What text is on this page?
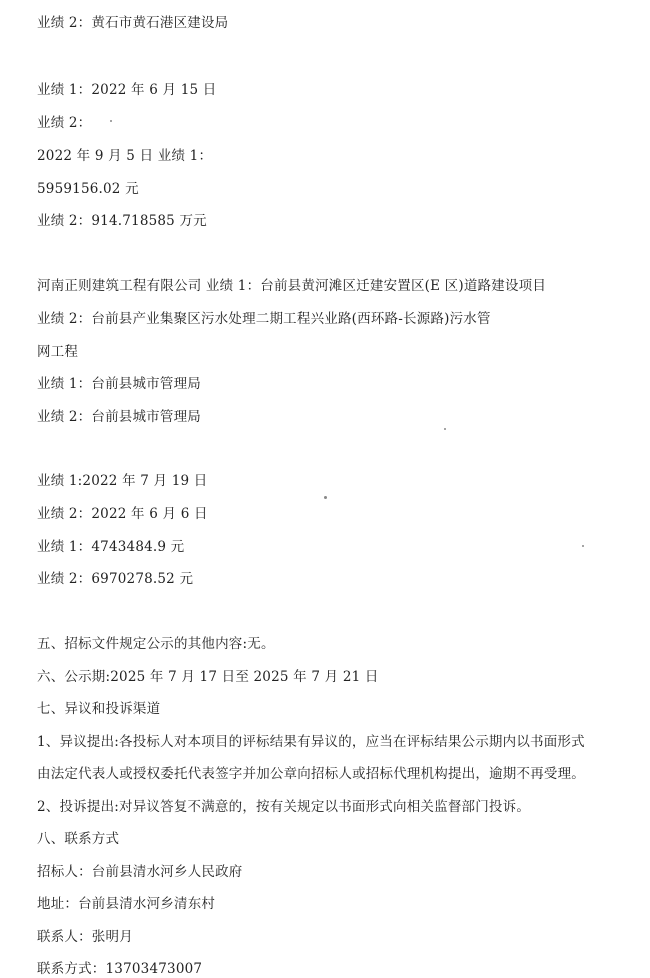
业绩 2：黄石市黄石港区建设局
业绩 1：2022 年 6 月 15 日
业绩 2：
2022 年 9 月 5 日 业绩 1：
5959156.02 元
业绩 2：914.718585 万元
河南正则建筑工程有限公司 业绩 1：台前县黄河滩区迁建安置区(E 区)道路建设项目
业绩 2：台前县产业集聚区污水处理二期工程兴业路(西环路-长源路)污水管
网工程
业绩 1：台前县城市管理局
业绩 2：台前县城市管理局
业绩 1:2022 年 7 月 19 日
业绩 2：2022 年 6 月 6 日
业绩 1：4743484.9 元
业绩 2：6970278.52 元
五、招标文件规定公示的其他内容:无。
六、公示期:2025 年 7 月 17 日至 2025 年 7 月 21 日
七、异议和投诉渠道
1、异议提出:各投标人对本项目的评标结果有异议的，应当在评标结果公示期内以书面形式
由法定代表人或授权委托代表签字并加公章向招标人或招标代理机构提出，逾期不再受理。
2、投诉提出:对异议答复不满意的，按有关规定以书面形式向相关监督部门投诉。
八、联系方式
招标人：台前县清水河乡人民政府
地址：台前县清水河乡清东村
联系人：张明月
联系方式：13703473007
